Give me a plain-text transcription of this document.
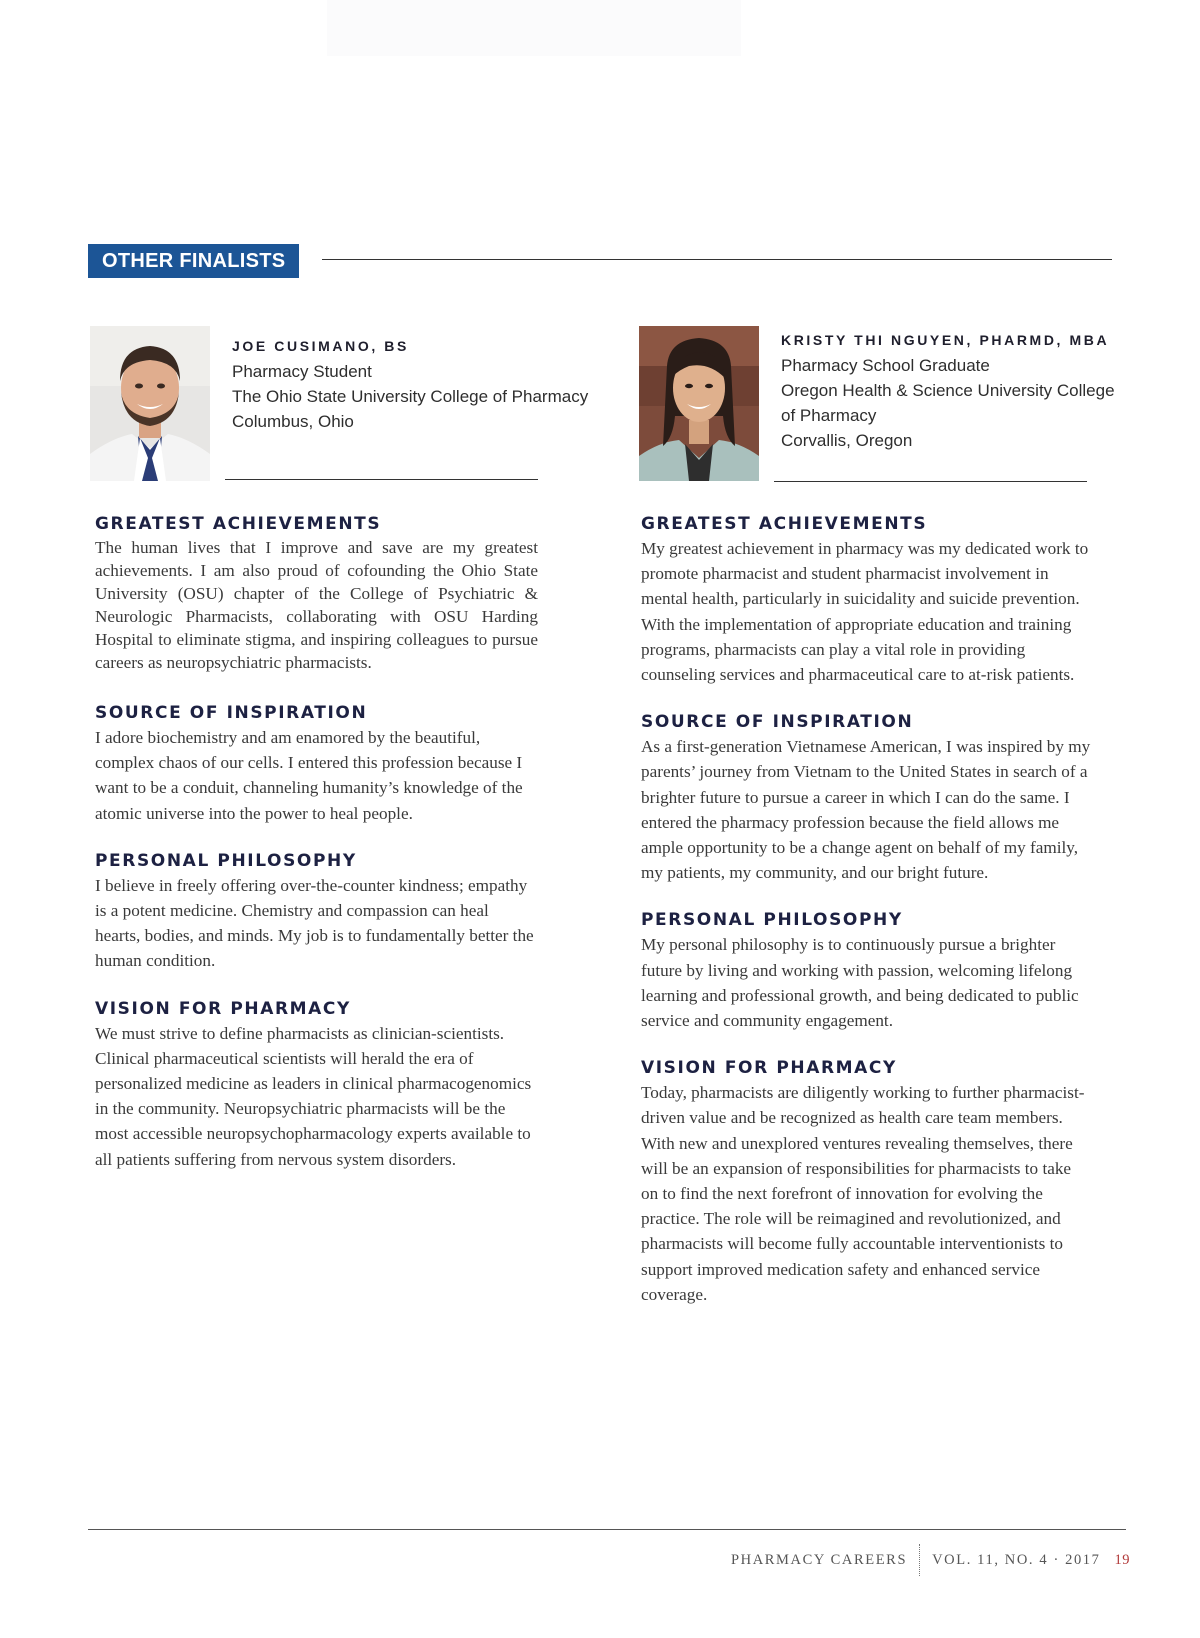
OTHER FINALISTS
JOE CUSIMANO, BS
Pharmacy Student
The Ohio State University College of Pharmacy
Columbus, Ohio
KRISTY THI NGUYEN, PHARMD, MBA
Pharmacy School Graduate
Oregon Health & Science University College
of Pharmacy
Corvallis, Oregon
GREATEST ACHIEVEMENTS

The human lives that I improve and save are my greatest achievements. I am also proud of cofounding the Ohio State University (OSU) chapter of the College of Psychiatric & Neurologic Pharmacists, collaborating with OSU Harding Hospital to eliminate stigma, and inspiring colleagues to pursue careers as neuropsychiatric pharmacists.

SOURCE OF INSPIRATION

I adore biochemistry and am enamored by the beautiful, complex chaos of our cells. I entered this profession because I want to be a conduit, channeling humanity’s knowledge of the atomic universe into the power to heal people.

PERSONAL PHILOSOPHY

I believe in freely offering over-the-counter kindness; empathy is a potent medicine. Chemistry and compassion can heal hearts, bodies, and minds. My job is to fundamentally better the human condition.

VISION FOR PHARMACY

We must strive to define pharmacists as clinician-scientists. Clinical pharmaceutical scientists will herald the era of personalized medicine as leaders in clinical pharmacogenomics in the community. Neuropsychiatric pharmacists will be the most accessible neuropsychopharmacology experts available to all patients suffering from nervous system disorders.

GREATEST ACHIEVEMENTS

My greatest achievement in pharmacy was my dedicated work to promote pharmacist and student pharmacist involvement in mental health, particularly in suicidality and suicide prevention. With the implementation of appropriate education and training programs, pharmacists can play a vital role in providing counseling services and pharmaceutical care to at-risk patients.

SOURCE OF INSPIRATION

As a first-generation Vietnamese American, I was inspired by my parents’ journey from Vietnam to the United States in search of a brighter future to pursue a career in which I can do the same. I entered the pharmacy profession because the field allows me ample opportunity to be a change agent on behalf of my family, my patients, my community, and our bright future.

PERSONAL PHILOSOPHY

My personal philosophy is to continuously pursue a brighter future by living and working with passion, welcoming lifelong learning and professional growth, and being dedicated to public service and community engagement.

VISION FOR PHARMACY

Today, pharmacists are diligently working to further pharmacist-driven value and be recognized as health care team members. With new and unexplored ventures revealing themselves, there will be an expansion of responsibilities for pharmacists to take on to find the next forefront of innovation for evolving the practice. The role will be reimagined and revolutionized, and pharmacists will become fully accountable interventionists to support improved medication safety and enhanced service coverage.

PHARMACY CAREERS VOL. 11, NO. 4 · 2017 19
